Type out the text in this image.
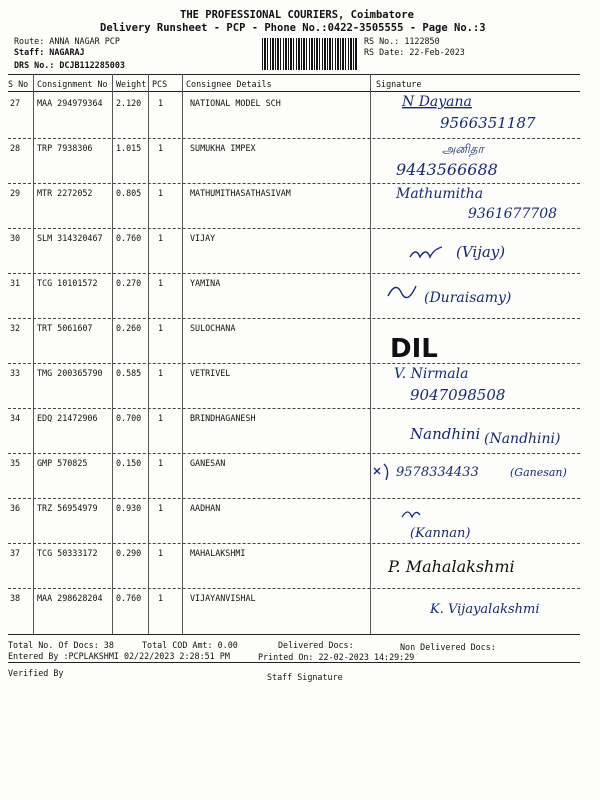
THE PROFESSIONAL COURIERS, Coimbatore
Delivery Runsheet - PCP - Phone No.:0422-3505555 - Page No.:3
Route: ANNA NAGAR PCP
Staff: NAGARAJ
DRS No.: DCJB112285003
RS No.: 1122850
RS Date: 22-Feb-2023
S No Consignment No Weight PCS Consignee Details	Signature
27 MAA 294979364 2.120 1	NATIONAL MODEL SCH	N Dayana
9566351187
28 TRP 7938306	1.015 1	SUMUKHA IMPEX	அனிதா
9443566688
29 MTR 2272052	0.805 1	MATHUMITHASATHASIVAM	Mathumitha
9361677708
30 SLM 314320467 0.760 1	VIJAY
(Vijay)
31 TCG 10101572 0.270 1	YAMINA
(Duraisamy)
32 TRT 5061607	0.260 1	SULOCHANA
DIL
33 TMG 200365790 0.585 1	VETRIVEL	V. Nirmala
9047098508
34 EDQ 21472906 0.700 1	BRINDHAGANESH
Nandhini (Nandhini)
35 GMP 570825	0.150 1	GANESAN
9578334433	(Ganesan)
36 TRZ 56954979 0.930 1	AADHAN
(Kannan)
37 TCG 50333172 0.290 1	MAHALAKSHMI
P. Mahalakshmi
38 MAA 298628204 0.760 1	VIJAYANVISHAL
K. Vijayalakshmi
Total No. Of Docs: 38	Total COD Amt: 0.00	Delivered Docs:	Non Delivered Docs:
Entered By :PCPLAKSHMI 02/22/2023 2:28:51 PM	Printed On: 22-02-2023 14:29:29
Verified By	Staff Signature
